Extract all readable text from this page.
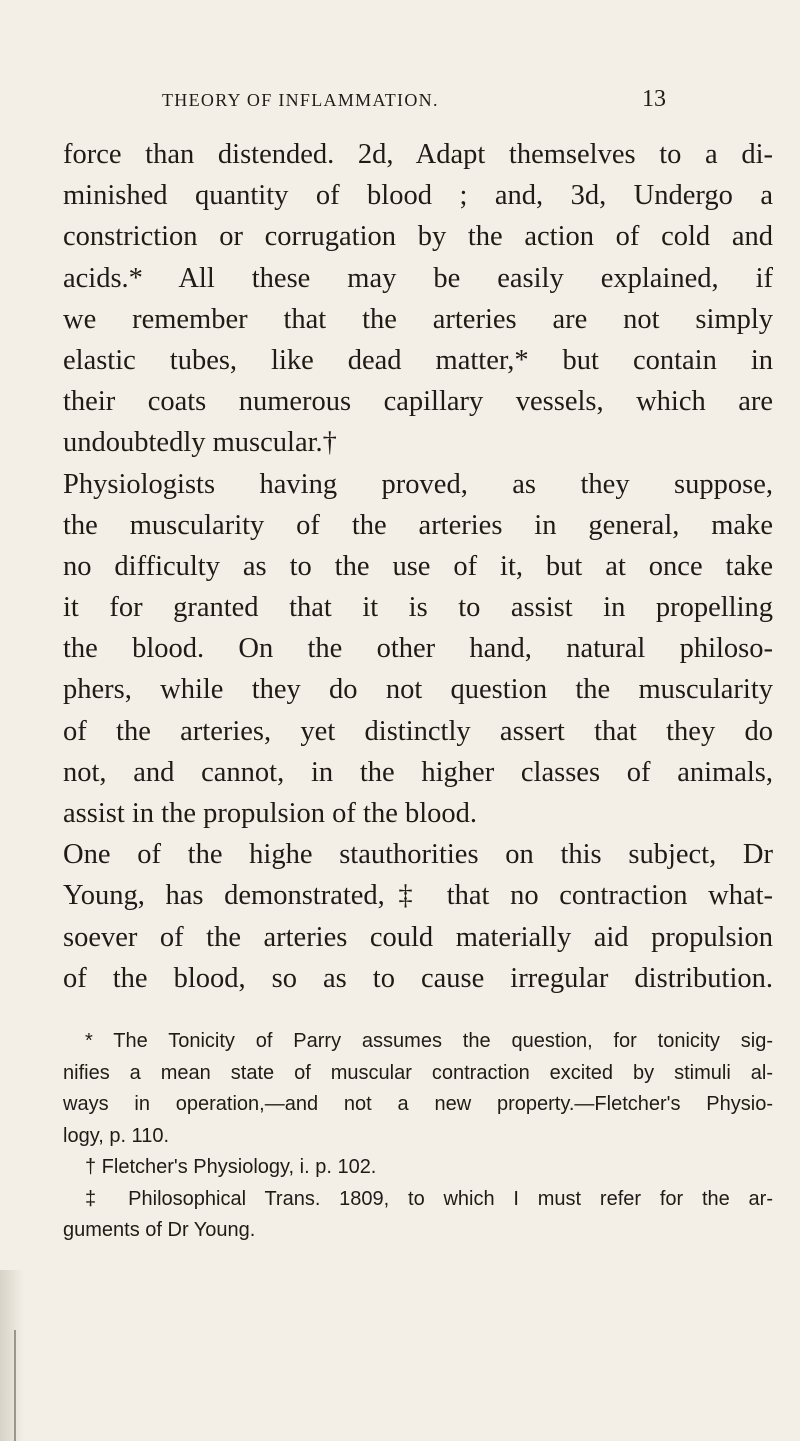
THEORY OF INFLAMMATION.	13
force than distended. 2d, Adapt themselves to a di-
minished quantity of blood ; and, 3d, Undergo a
constriction or corrugation by the action of cold and
acids.* All these may be easily explained, if
we remember that the arteries are not simply
elastic tubes, like dead matter,* but contain in
their coats numerous capillary vessels, which are
undoubtedly muscular.†
Physiologists having proved, as they suppose,
the muscularity of the arteries in general, make
no difficulty as to the use of it, but at once take
it for granted that it is to assist in propelling
the blood. On the other hand, natural philoso-
phers, while they do not question the muscularity
of the arteries, yet distinctly assert that they do
not, and cannot, in the higher classes of animals,
assist in the propulsion of the blood.
One of the highe stauthorities on this subject, Dr
Young, has demonstrated,‡ that no contraction what-
soever of the arteries could materially aid propulsion
of the blood, so as to cause irregular distribution.
* The Tonicity of Parry assumes the question, for tonicity sig-
nifies a mean state of muscular contraction excited by stimuli al-
ways in operation,—and not a new property.—Fletcher's Physio-
logy, p. 110.
† Fletcher's Physiology, i. p. 102.
‡ Philosophical Trans. 1809, to which I must refer for the ar-
guments of Dr Young.
